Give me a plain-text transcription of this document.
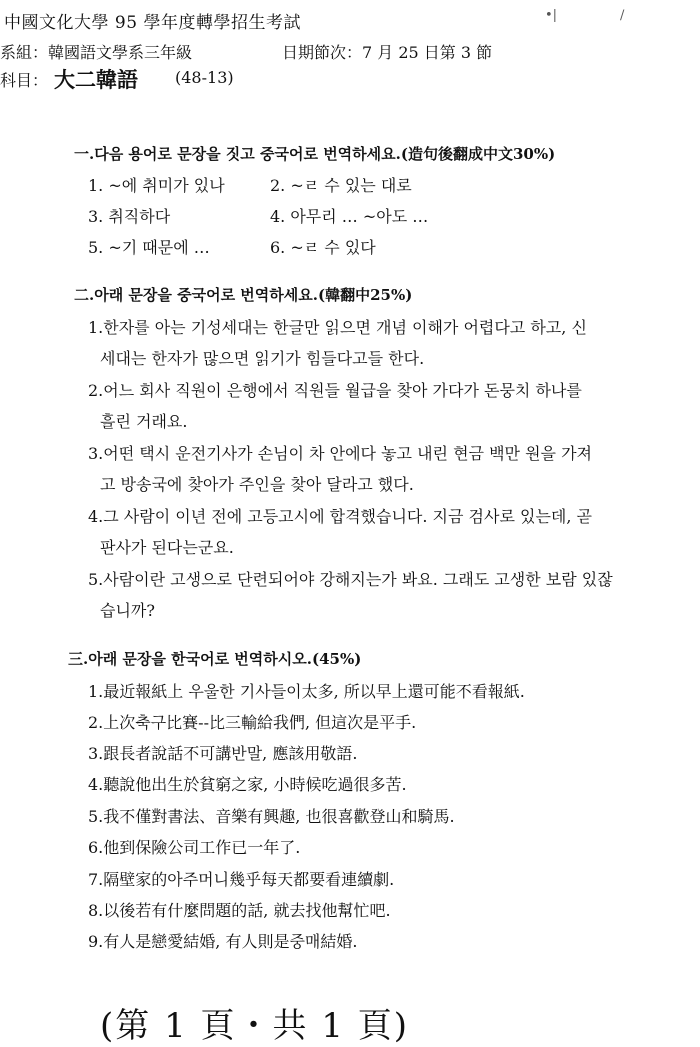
中國文化大學 95 學年度轉學招生考試	•|	/
系組：韓國語文學系三年級	日期節次：7 月 25 日第 3 節
科目： 大二韓語 (48-13)
一.다음 용어로 문장을 짓고 중국어로 번역하세요.(造句後翻成中文30%)
1. ~에 취미가 있나	2. ~ㄹ 수 있는 대로
3. 취직하다	4. 아무리 … ~아도 …
5. ~기 때문에 …	6. ~ㄹ 수 있다
二.아래 문장을 중국어로 번역하세요.(韓翻中25%)
1.한자를 아는 기성세대는 한글만 읽으면 개념 이해가 어렵다고 하고, 신
세대는 한자가 많으면 읽기가 힘들다고들 한다.
2.어느 회사 직원이 은행에서 직원들 월급을 찾아 가다가 돈뭉치 하나를
흘린 거래요.
3.어떤 택시 운전기사가 손님이 차 안에다 놓고 내린 현금 백만 원을 가져
고 방송국에 찾아가 주인을 찾아 달라고 했다.
4.그 사람이 이년 전에 고등고시에 합격했습니다. 지금 검사로 있는데, 곧
판사가 된다는군요.
5.사람이란 고생으로 단련되어야 강해지는가 봐요. 그래도 고생한 보람 있잖
습니까?
三.아래 문장을 한국어로 번역하시오.(45%)
1.最近報紙上 우울한 기사들이太多, 所以早上還可能不看報紙.
2.上次축구比賽--比三輸給我們, 但這次是平手.
3.跟長者說話不可講반말, 應該用敬語.
4.聽說他出生於貧窮之家, 小時候吃過很多苦.
5.我不僅對書法、音樂有興趣, 也很喜歡登山和騎馬.
6.他到保險公司工作已一年了.
7.隔壁家的아주머니幾乎每天都要看連續劇.
8.以後若有什麼問題的話, 就去找他幫忙吧.
9.有人是戀愛結婚, 有人則是중매結婚.
(第 1 頁・共 1 頁)
